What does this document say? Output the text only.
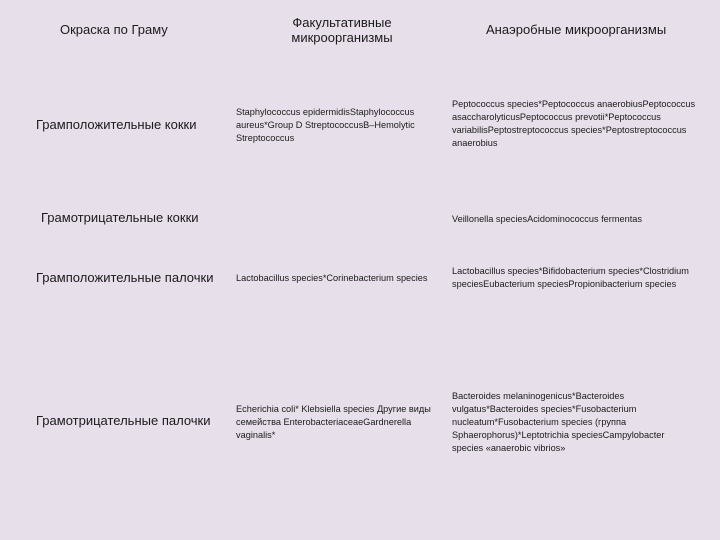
Окраска по Граму	Факультативные
микроорганизмы
Анаэробные микроорганизмы
Грамположительные кокки
Staphylococcus epidermidisStaphylococcus
aureus*Group D StreptococcusB–Hemolytic
Streptococcus
Peptococcus species*Peptococcus anaerobiusPeptococcus
asaccharolyticusPeptococcus prevotii*Peptococcus
variabilisPeptostreptococcus species*Peptostreptococcus
anaerobius
Грамотрицательные кокки	Veillonella speciesAcidominococcus fermentas
Грамположительные палочки Lactobacillus species*Corinebacterium species
Lactobacillus species*Bifidobacterium species*Clostridium
speciesEubacterium speciesPropionibacterium species
Грамотрицательные палочки
Echerichia coli* Klebsiella species Другие виды
семейства EnterobacteriaceaeGardnerella
vaginalis*
Bacteroides melaninogenicus*Bacteroides
vulgatus*Bacteroides species*Fusobacterium
nucleatum*Fusobacterium species (группа
Sphaerophorus)*Leptotrichia speciesCampylobacter
species «anaerobic vibrios»
